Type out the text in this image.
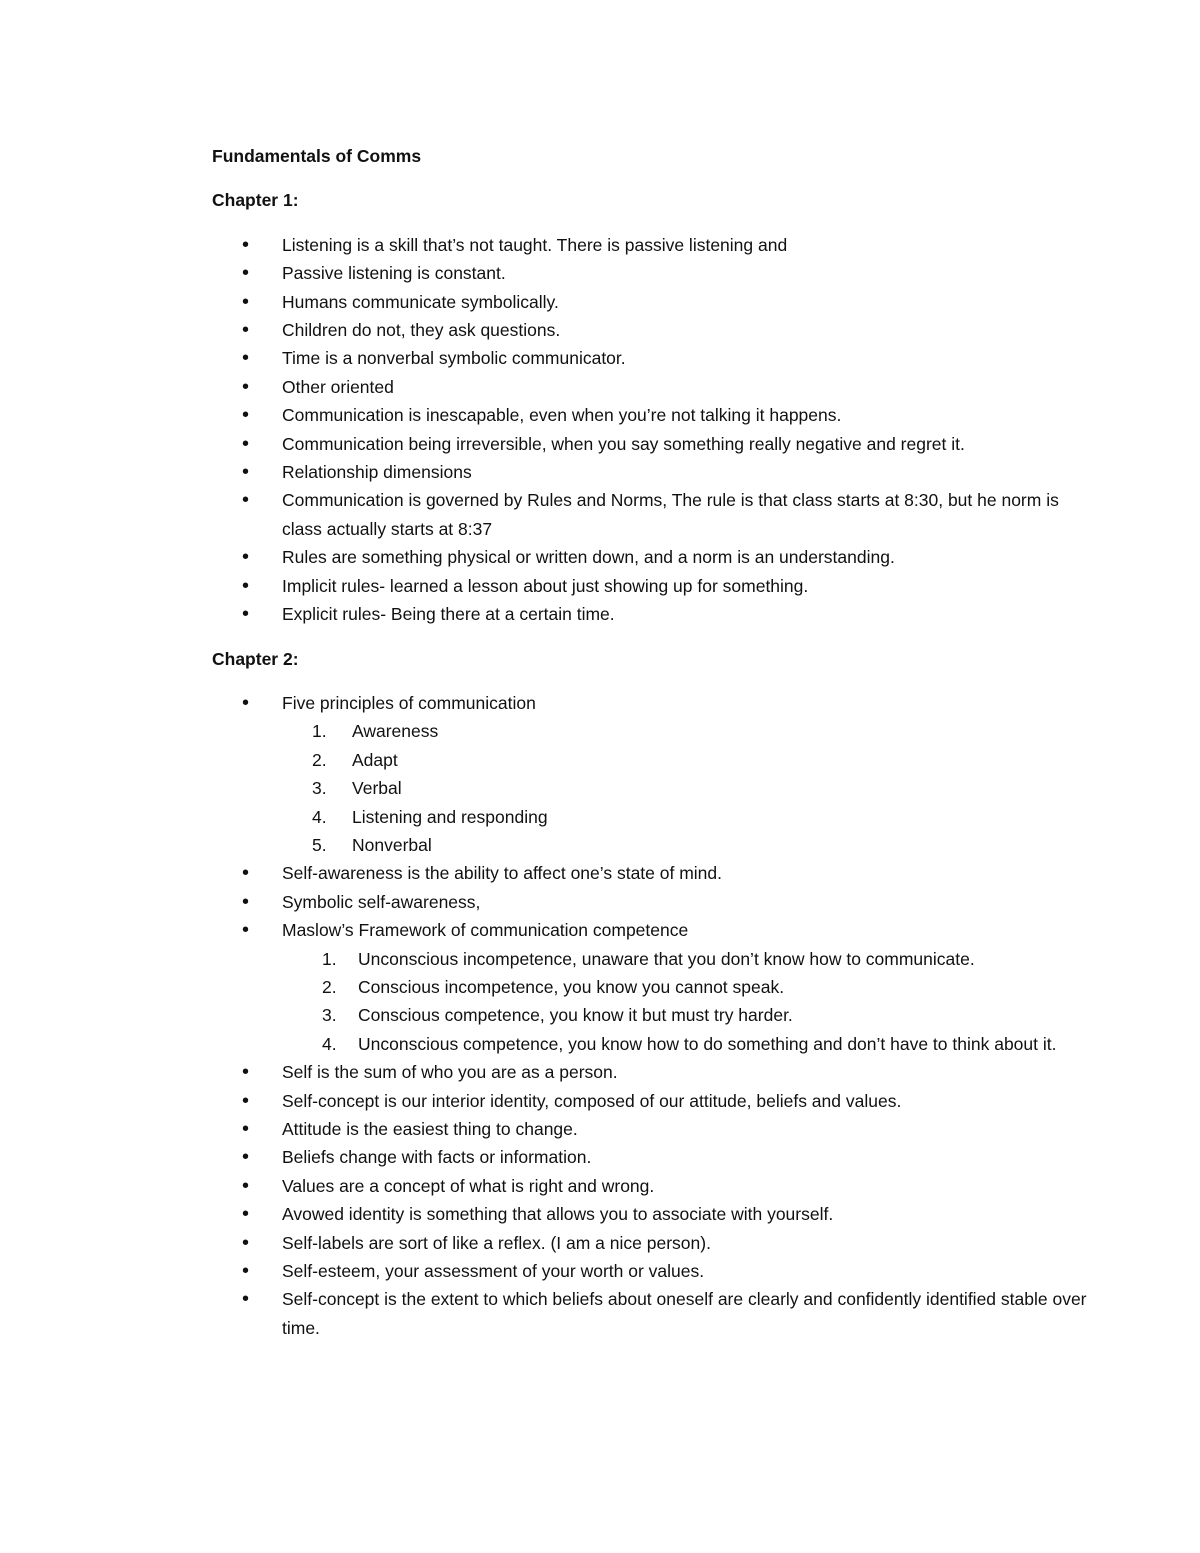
Fundamentals of Comms

Chapter 1:

• Listening is a skill that’s not taught. There is passive listening and
• Passive listening is constant.
• Humans communicate symbolically.
• Children do not, they ask questions.
• Time is a nonverbal symbolic communicator.
• Other oriented
• Communication is inescapable, even when you’re not talking it happens.
• Communication being irreversible, when you say something really negative and regret it.
• Relationship dimensions
• Communication is governed by Rules and Norms, The rule is that class starts at 8:30, but he norm is class actually starts at 8:37
• Rules are something physical or written down, and a norm is an understanding.
• Implicit rules- learned a lesson about just showing up for something.
• Explicit rules- Being there at a certain time.

Chapter 2:

• Five principles of communication
1. Awareness
2. Adapt
3. Verbal
4. Listening and responding
5. Nonverbal
• Self-awareness is the ability to affect one’s state of mind.
• Symbolic self-awareness,
• Maslow’s Framework of communication competence
1. Unconscious incompetence, unaware that you don’t know how to communicate.
2. Conscious incompetence, you know you cannot speak.
3. Conscious competence, you know it but must try harder.
4. Unconscious competence, you know how to do something and don’t have to think about it.
• Self is the sum of who you are as a person.
• Self-concept is our interior identity, composed of our attitude, beliefs and values.
• Attitude is the easiest thing to change.
• Beliefs change with facts or information.
• Values are a concept of what is right and wrong.
• Avowed identity is something that allows you to associate with yourself.
• Self-labels are sort of like a reflex. (I am a nice person).
• Self-esteem, your assessment of your worth or values.
• Self-concept is the extent to which beliefs about oneself are clearly and confidently identified stable over time.
